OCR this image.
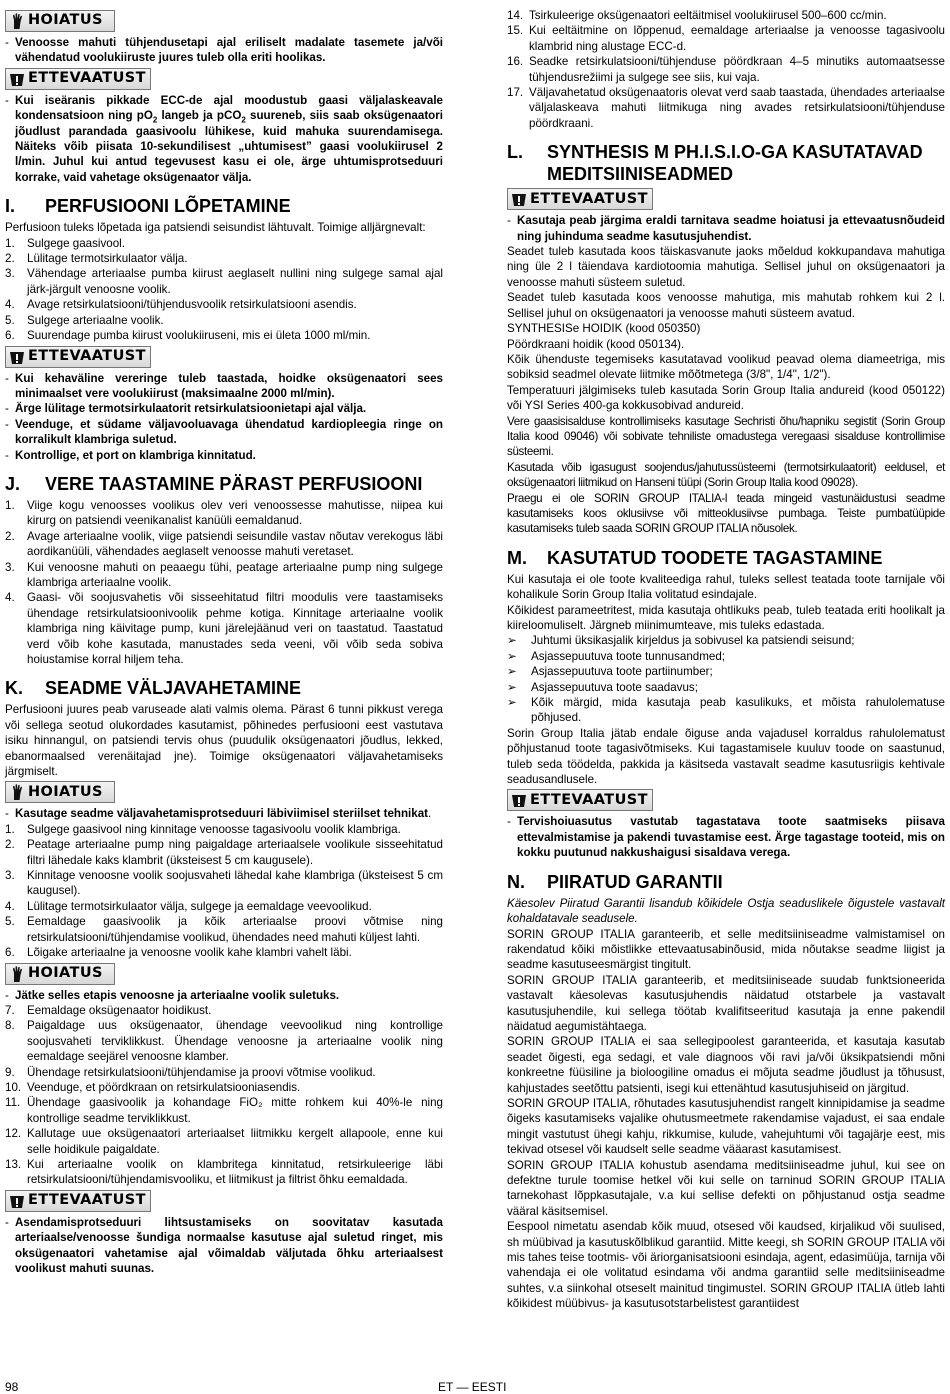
HOIATUS
- Venoosse mahuti tühjendusetapi ajal eriliselt madalate tasemete ja/või vähendatud voolukiiruste juures tuleb olla eriti hoolikas.
ETTEVAATUST
- Kui iseäranis pikkade ECC-de ajal moodustub gaasi väljalaskeavale kondensatsioon ning $pO_2$ langeb ja pCO$_2$ suureneb, siis saab oksügenaatori jõudlust parandada gaasivoolu lühikese, kuid mahuka suurendamisega. Näiteks võib piisata 10-sekundilisest „uhtumisest” gaasi voolukiirusel 2 l/min. Juhul kui antud tegevusest kasu ei ole, ärge uhtumisprotseduuri korrake, vaid vahetage oksügenaator välja.
I.	PERFUSIOONI LÕPETAMINE

Perfusioon tuleks lõpetada iga patsiendi seisundist lähtuvalt. Toimige alljärgnevalt:

1.	Sulgege gaasivool.
2.	Lülitage termotsirkulaator välja.
3.	Vähendage arteriaalse pumba kiirust aeglaselt nullini ning sulgege samal ajal järk-järgult venoosne voolik.
4.	Avage retsirkulatsiooni/tühjendusvoolik retsirkulatsiooni asendis.
5.	Sulgege arteriaalne voolik.
6.	Suurendage pumba kiirust voolukiiruseni, mis ei ületa 1000 ml/min.
ETTEVAATUST
- Kui kehaväline vereringe tuleb taastada, hoidke oksügenaatori sees minimaalset vere voolukiirust (maksimaalne 2000 ml/min).
- Ärge lülitage termotsirkulaatorit retsirkulatsioonietapi ajal välja.
- Veenduge, et südame väljavooluavaga ühendatud kardiopleegia ringe on korralikult klambriga suletud.
- Kontrollige, et port on klambriga kinnitatud.
J.	VERE TAASTAMINE PÄRAST PERFUSIOONI
1.	Viige kogu venoosses voolikus olev veri venoossesse mahutisse, niipea kui kirurg on patsiendi veenikanalist kanüüli eemaldanud.
2.	Avage arteriaalne voolik, viige patsiendi seisundile vastav nõutav verekogus läbi aordikanüüli, vähendades aeglaselt venoosse mahuti veretaset.
3.	Kui venoosne mahuti on peaaegu tühi, peatage arteriaalne pump ning sulgege klambriga arteriaalne voolik.
4.	Gaasi- või soojusvahetis või sisseehitatud filtri moodulis vere taastamiseks ühendage retsirkulatsioonivoolik pehme kotiga. Kinnitage arteriaalne voolik klambriga ning käivitage pump, kuni järelejäänud veri on taastatud. Taastatud verd võib kohe kasutada, manustades seda veeni, või võib seda sobiva hoiustamise korral hiljem teha.
K.	SEADME VÄLJAVAHETAMINE

Perfusiooni juures peab varuseade alati valmis olema. Pärast 6 tunni pikkust verega või sellega seotud olukordades kasutamist, põhinedes perfusiooni eest vastutava isiku hinnangul, on patsiendi tervis ohus (puudulik oksügenaatori jõudlus, lekked, ebanormaalsed verenäitajad jne). Toimige oksügenaatori väljavahetamiseks järgmiselt.

HOIATUS
- Kasutage seadme väljavahetamisprotseduuri läbiviimisel steriilset tehnikat.
1.	Sulgege gaasivool ning kinnitage venoosse tagasivoolu voolik klambriga.
2.	Peatage arteriaalne pump ning paigaldage arteriaalsele voolikule sisseehitatud filtri lähedale kaks klambrit (üksteisest 5 cm kaugusele).
3.	Kinnitage venoosne voolik soojusvaheti lähedal kahe klambriga (üksteisest 5 cm kaugusel).
4.	Lülitage termotsirkulaator välja, sulgege ja eemaldage veevoolikud.
5.	Eemaldage gaasivoolik ja kõik arteriaalse proovi võtmise ning retsirkulatsiooni/tühjendamise voolikud, ühendades need mahuti küljest lahti.
6.	Lõigake arteriaalne ja venoosne voolik kahe klambri vahelt läbi.
HOIATUS
- Jätke selles etapis venoosne ja arteriaalne voolik suletuks.
7.	Eemaldage oksügenaator hoidikust.
8.	Paigaldage uus oksügenaator, ühendage veevoolikud ning kontrollige soojusvaheti terviklikkust. Ühendage venoosne ja arteriaalne voolik ning eemaldage seejärel venoosne klamber.
9.	Ühendage retsirkulatsiooni/tühjendamise ja proovi võtmise voolikud.
10. Veenduge, et pöördkraan on retsirkulatsiooniasendis.
11. Ühendage gaasivoolik ja kohandage FiO₂ mitte rohkem kui 40%-le ning kontrollige seadme terviklikkust.
12. Kallutage uue oksügenaatori arteriaalset liitmikku kergelt allapoole, enne kui selle hoidikule paigaldate.
13. Kui arteriaalne voolik on klambritega kinnitatud, retsirkuleerige läbi retsirkulatsiooni/tühjendamisvooliku, et liitmikust ja filtrist õhku eemaldada.
ETTEVAATUST
- Asendamisprotseduuri lihtsustamiseks on soovitatav kasutada arteriaalse/venoosse šundiga normaalse kasutuse ajal suletud ringet, mis oksügenaatori vahetamise ajal võimaldab väljutada õhku arteriaalsest voolikust mahuti suunas.
14. Tsirkuleerige oksügenaatori eeltäitmisel voolukiirusel 500–600 cc/min.
15. Kui eeltäitmine on lõppenud, eemaldage arteriaalse ja venoosse tagasivoolu klambrid ning alustage ECC-d.
16. Seadke retsirkulatsiooni/tühjenduse pöördkraan 4–5 minutiks automaatsesse tühjendusrežiimi ja sulgege see siis, kui vaja.
17. Väljavahetatud oksügenaatoris olevat verd saab taastada, ühendades arteriaalse väljalaskeava mahuti liitmikuga ning avades retsirkulatsiooni/tühjenduse pöördkraani.
L.	SYNTHESIS M PH.I.S.I.O-GA KASUTATAVAD MEDITSIINISEADMED
ETTEVAATUST
- Kasutaja peab järgima eraldi tarnitava seadme hoiatusi ja ettevaatusnõudeid ning juhinduma seadme kasutusjuhendist.

Seadet tuleb kasutada koos täiskasvanute jaoks mõeldud kokkupandava mahutiga ning üle 2 l täiendava kardiotoomia mahutiga. Sellisel juhul on oksügenaatori ja venoosse mahuti süsteem suletud.

Seadet tuleb kasutada koos venoosse mahutiga, mis mahutab rohkem kui 2 l. Sellisel juhul on oksügenaatori ja venoosse mahuti süsteem avatud.

SYNTHESISe HOIDIK (kood 050350)

Pöördkraani hoidik (kood 050134).

Kõik ühenduste tegemiseks kasutatavad voolikud peavad olema diameetriga, mis sobiksid seadmel olevate liitmike mõõtmetega (3/8", 1/4", 1/2").

Temperatuuri jälgimiseks tuleb kasutada Sorin Group Italia andureid (kood 050122) või YSI Series 400-ga kokkusobivad andureid.

Vere gaasisisalduse kontrollimiseks kasutage Sechristi õhu/hapniku segistit (Sorin Group Italia kood 09046) või sobivate tehniliste omadustega veregaasi sisalduse kontrollimise süsteemi.

Kasutada võib igasugust soojendus/jahutussüsteemi (termotsirkulaatorit) eeldusel, et oksügenaatori liitmikud on Hanseni tüüpi (Sorin Group Italia kood 09028).

Praegu ei ole SORIN GROUP ITALIA-l teada mingeid vastunäidustusi seadme kasutamiseks koos oklusiivse või mitteoklusiivse pumbaga. Teiste pumbatüüpide kasutamiseks tuleb saada SORIN GROUP ITALIA nõusolek.

M.	KASUTATUD TOODETE TAGASTAMINE

Kui kasutaja ei ole toote kvaliteediga rahul, tuleks sellest teatada toote tarnijale või kohalikule Sorin Group Italia volitatud esindajale.

Kõikidest parameetritest, mida kasutaja ohtlikuks peab, tuleb teatada eriti hoolikalt ja kiireloomuliselt. Järgneb miinimumteave, mis tuleks edastada.

➢	Juhtumi üksikasjalik kirjeldus ja sobivusel ka patsiendi seisund;
➢	Asjassepuutuva toote tunnusandmed;
➢	Asjassepuutuva toote partiinumber;
➢	Asjassepuutuva toote saadavus;
➢	Kõik märgid, mida kasutaja peab kasulikuks, et mõista rahulolematuse põhjused.

Sorin Group Italia jätab endale õiguse anda vajadusel korraldus rahulolematust põhjustanud toote tagasivõtmiseks. Kui tagastamisele kuuluv toode on saastunud, tuleb seda töödelda, pakkida ja käsitseda vastavalt seadme kasutusriigis kehtivale seadusandlusele.

ETTEVAATUST
- Tervishoiuasutus vastutab tagastatava toote saatmiseks piisava ettevalmistamise ja pakendi tuvastamise eest. Ärge tagastage tooteid, mis on kokku puutunud nakkushaigusi sisaldava verega.
N.	PIIRATUD GARANTII

Käesolev Piiratud Garantii lisandub kõikidele Ostja seaduslikele õigustele vastavalt kohaldatavale seadusele.

SORIN GROUP ITALIA garanteerib, et selle meditsiiniseadme valmistamisel on rakendatud kõiki mõistlikke ettevaatusabinõusid, mida nõutakse seadme liigist ja seadme kasutuseesmärgist tingitult.

SORIN GROUP ITALIA garanteerib, et meditsiiniseade suudab funktsioneerida vastavalt käesolevas kasutusjuhendis näidatud otstarbele ja vastavalt kasutusjuhendile, kui sellega töötab kvalifitseeritud kasutaja ja enne pakendil näidatud aegumistähtaega.

SORIN GROUP ITALIA ei saa sellegipoolest garanteerida, et kasutaja kasutab seadet õigesti, ega sedagi, et vale diagnoos või ravi ja/või üksikpatsiendi mõni konkreetne füüsiline ja bioloogiline omadus ei mõjuta seadme jõudlust ja tõhusust, kahjustades seetõttu patsienti, isegi kui ettenähtud kasutusjuhiseid on järgitud.

SORIN GROUP ITALIA, rõhutades kasutusjuhendist rangelt kinnipidamise ja seadme õigeks kasutamiseks vajalike ohutusmeetmete rakendamise vajadust, ei saa endale mingit vastutust ühegi kahju, rikkumise, kulude, vahejuhtumi või tagajärje eest, mis tekivad otsesel või kaudselt selle seadme vääarast kasutamisest.

SORIN GROUP ITALIA kohustub asendama meditsiiniseadme juhul, kui see on defektne turule toomise hetkel või kui selle on tarninud SORIN GROUP ITALIA tarnekohast lõppkasutajale, v.a kui sellise defekti on põhjustanud ostja seadme vääral käsitsemisel.

Eespool nimetatu asendab kõik muud, otsesed või kaudsed, kirjalikud või suulised, sh müübivad ja kasutuskõlblikud garantiid. Mitte keegi, sh SORIN GROUP ITALIA või mis tahes teise tootmis- või äriorganisatsiooni esindaja, agent, edasimüüja, tarnija või vahendaja ei ole volitatud esindama või andma garantiid selle meditsiiniseadme suhtes, v.a siinkohal otseselt mainitud tingimustel. SORIN GROUP ITALIA ütleb lahti kõikidest müübivus- ja kasutusotstarbelistest garantiidest

98	ET — EESTI
